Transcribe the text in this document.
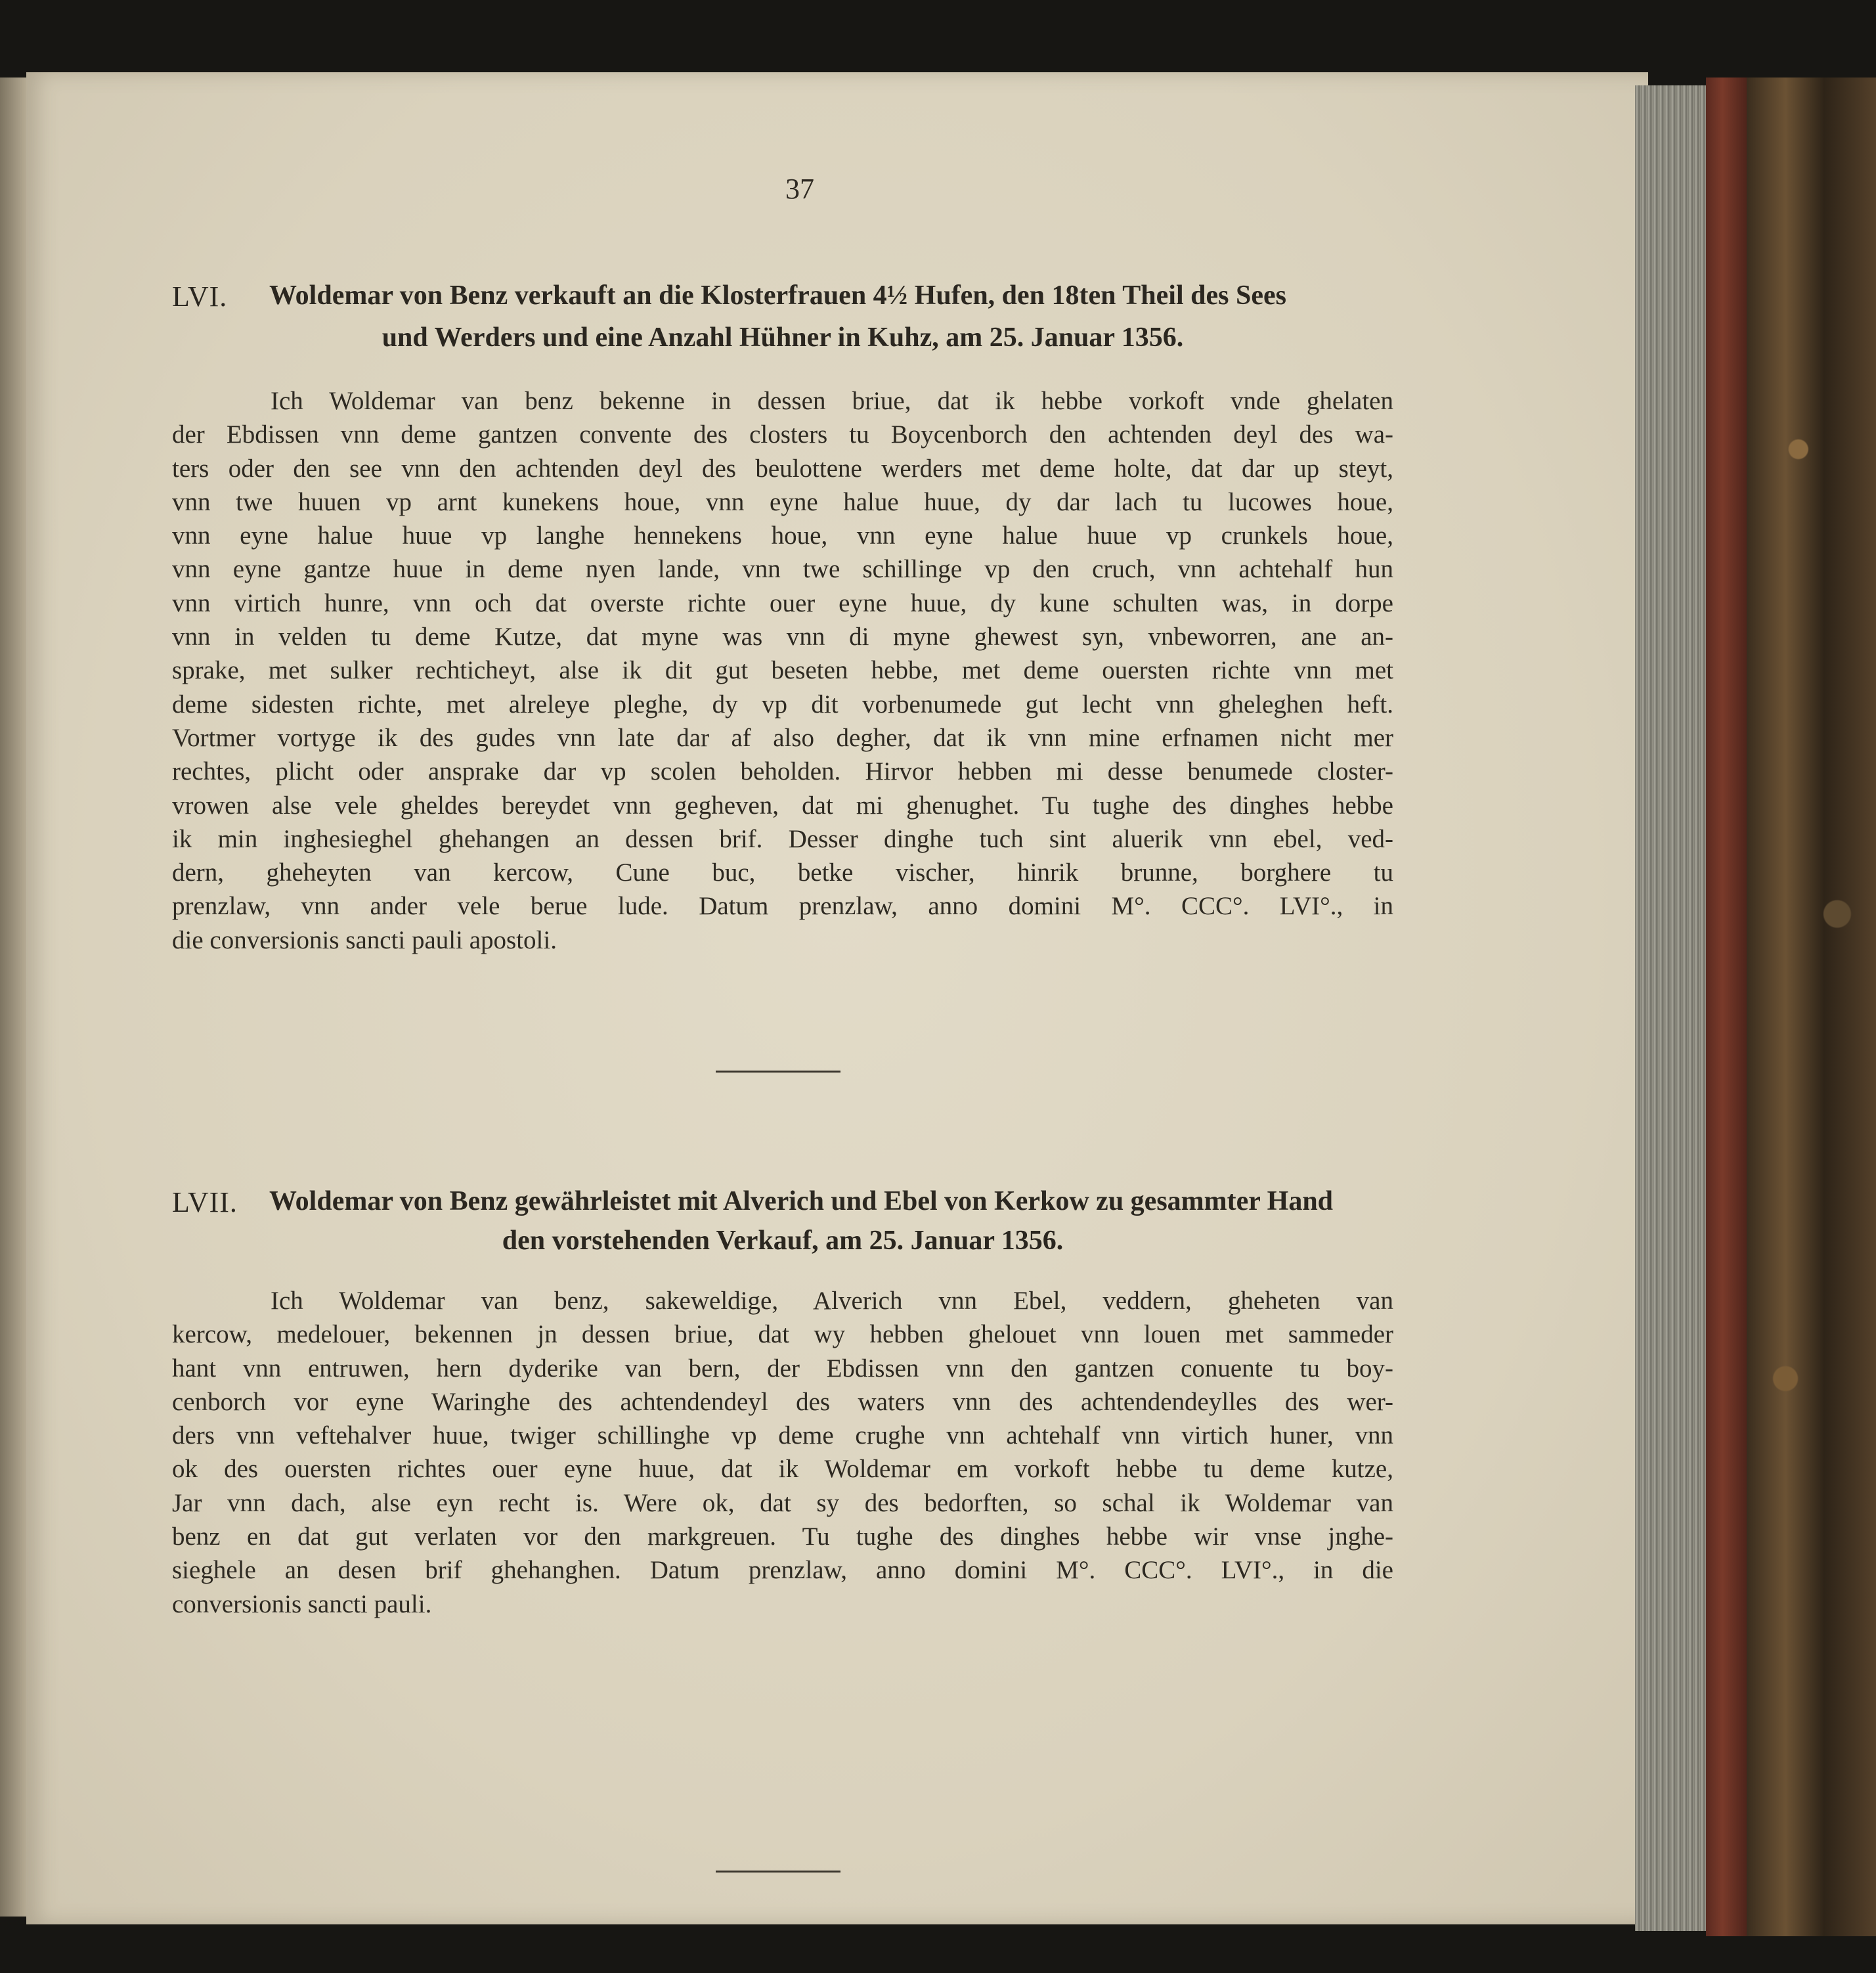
37
LVI. Woldemar von Benz verkauft an die Klosterfrauen 4½ Hufen, den 18ten Theil des Sees
und Werders und eine Anzahl Hühner in Kuhz, am 25. Januar 1356.

Ich Woldemar van benz bekenne in dessen briue, dat ik hebbe vorkoft vnde ghelaten

der Ebdissen vnn deme gantzen convente des closters tu Boycenborch den achtenden deyl des wa-

ters oder den see vnn den achtenden deyl des beulottene werders met deme holte, dat dar up steyt,

vnn twe huuen vp arnt kunekens houe, vnn eyne halue huue, dy dar lach tu lucowes houe,

vnn eyne halue huue vp langhe hennekens houe, vnn eyne halue huue vp crunkels houe,

vnn eyne gantze huue in deme nyen lande, vnn twe schillinge vp den cruch, vnn achtehalf hun

vnn virtich hunre, vnn och dat overste richte ouer eyne huue, dy kune schulten was, in dorpe

vnn in velden tu deme Kutze, dat myne was vnn di myne ghewest syn, vnbeworren, ane an-

sprake, met sulker rechticheyt, alse ik dit gut beseten hebbe, met deme ouersten richte vnn met

deme sidesten richte, met alreleye pleghe, dy vp dit vorbenumede gut lecht vnn gheleghen heft.

Vortmer vortyge ik des gudes vnn late dar af also degher, dat ik vnn mine erfnamen nicht mer

rechtes, plicht oder ansprake dar vp scolen beholden. Hirvor hebben mi desse benumede closter-

vrowen alse vele gheldes bereydet vnn gegheven, dat mi ghenughet. Tu tughe des dinghes hebbe

ik min inghesieghel ghehangen an dessen brif. Desser dinghe tuch sint aluerik vnn ebel, ved-

dern, gheheyten van kercow, Cune buc, betke vischer, hinrik brunne, borghere tu

prenzlaw, vnn ander vele berue lude. Datum prenzlaw, anno domini M°. CCC°. LVI°., in

die conversionis sancti pauli apostoli.

LVII. Woldemar von Benz gewährleistet mit Alverich und Ebel von Kerkow zu gesammter Hand
den vorstehenden Verkauf, am 25. Januar 1356.

Ich Woldemar van benz, sakeweldige, Alverich vnn Ebel, veddern, gheheten van

kercow, medelouer, bekennen jn dessen briue, dat wy hebben ghelouet vnn louen met sammeder

hant vnn entruwen, hern dyderike van bern, der Ebdissen vnn den gantzen conuente tu boy-

cenborch vor eyne Waringhe des achtendendeyl des waters vnn des achtendendeylles des wer-

ders vnn veftehalver huue, twiger schillinghe vp deme crughe vnn achtehalf vnn virtich huner, vnn

ok des ouersten richtes ouer eyne huue, dat ik Woldemar em vorkoft hebbe tu deme kutze,

Jar vnn dach, alse eyn recht is. Were ok, dat sy des bedorften, so schal ik Woldemar van

benz en dat gut verlaten vor den markgreuen. Tu tughe des dinghes hebbe wir vnse jnghe-

sieghele an desen brif ghehanghen. Datum prenzlaw, anno domini M°. CCC°. LVI°., in die

conversionis sancti pauli.
